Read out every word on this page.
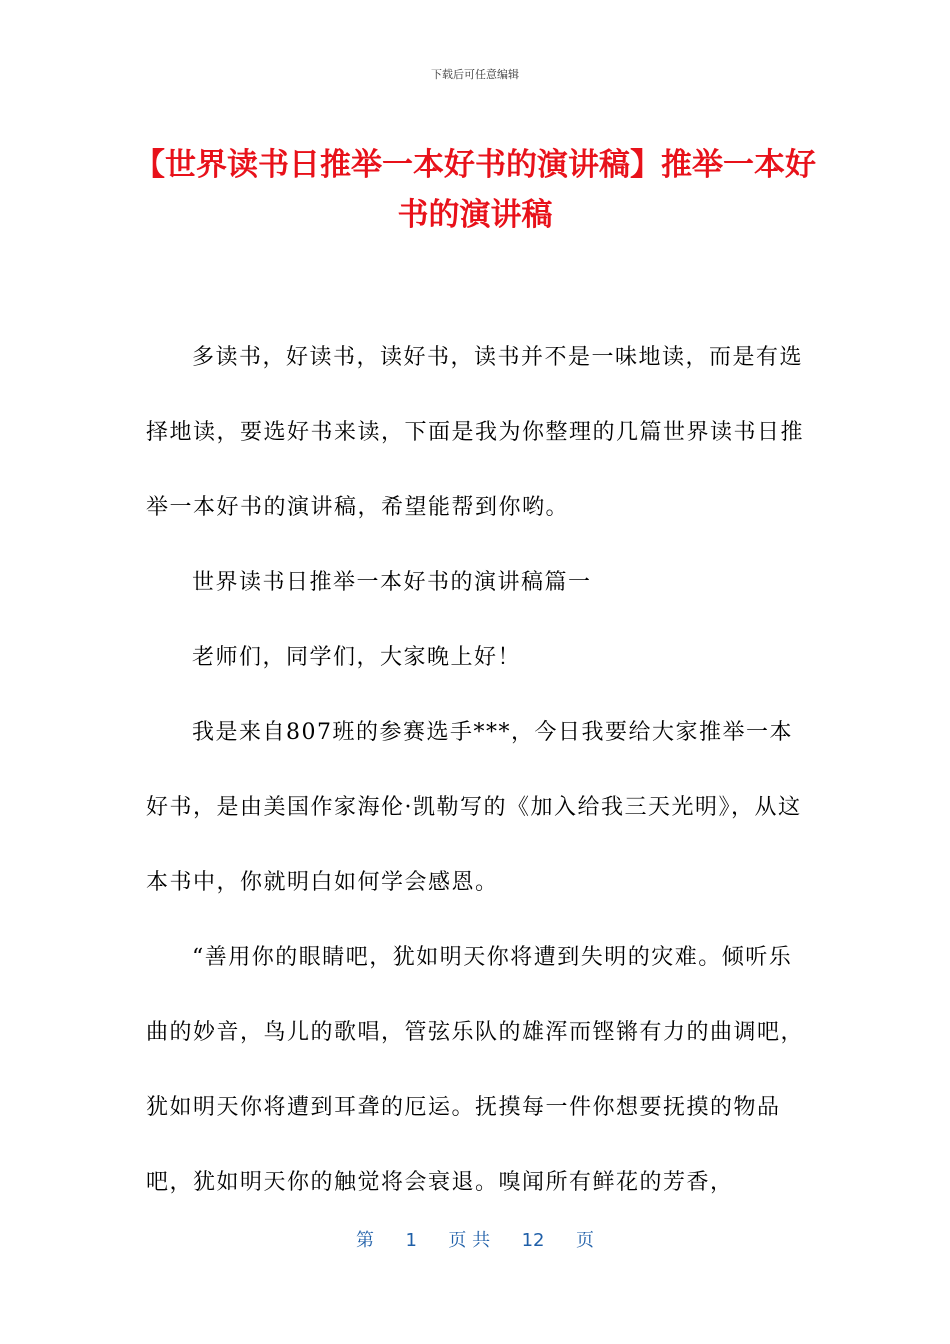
下载后可任意编辑
【世界读书日推举一本好书的演讲稿】推举一本好书的演讲稿

多读书，好读书，读好书，读书并不是一味地读，而是有选择地读，要选好书来读，下面是我为你整理的几篇世界读书日推举一本好书的演讲稿，希望能帮到你哟。

世界读书日推举一本好书的演讲稿篇一

老师们，同学们，大家晚上好！

我是来自807班的参赛选手***，今日我要给大家推举一本好书，是由美国作家海伦·凯勒写的《加入给我三天光明》，从这本书中，你就明白如何学会感恩。

“善用你的眼睛吧，犹如明天你将遭到失明的灾难。倾听乐曲的妙音，鸟儿的歌唱，管弦乐队的雄浑而铿锵有力的曲调吧，犹如明天你将遭到耳聋的厄运。抚摸每一件你想要抚摸的物品吧，犹如明天你的触觉将会衰退。嗅闻所有鲜花的芳香，

第 1 页 共 12 页
